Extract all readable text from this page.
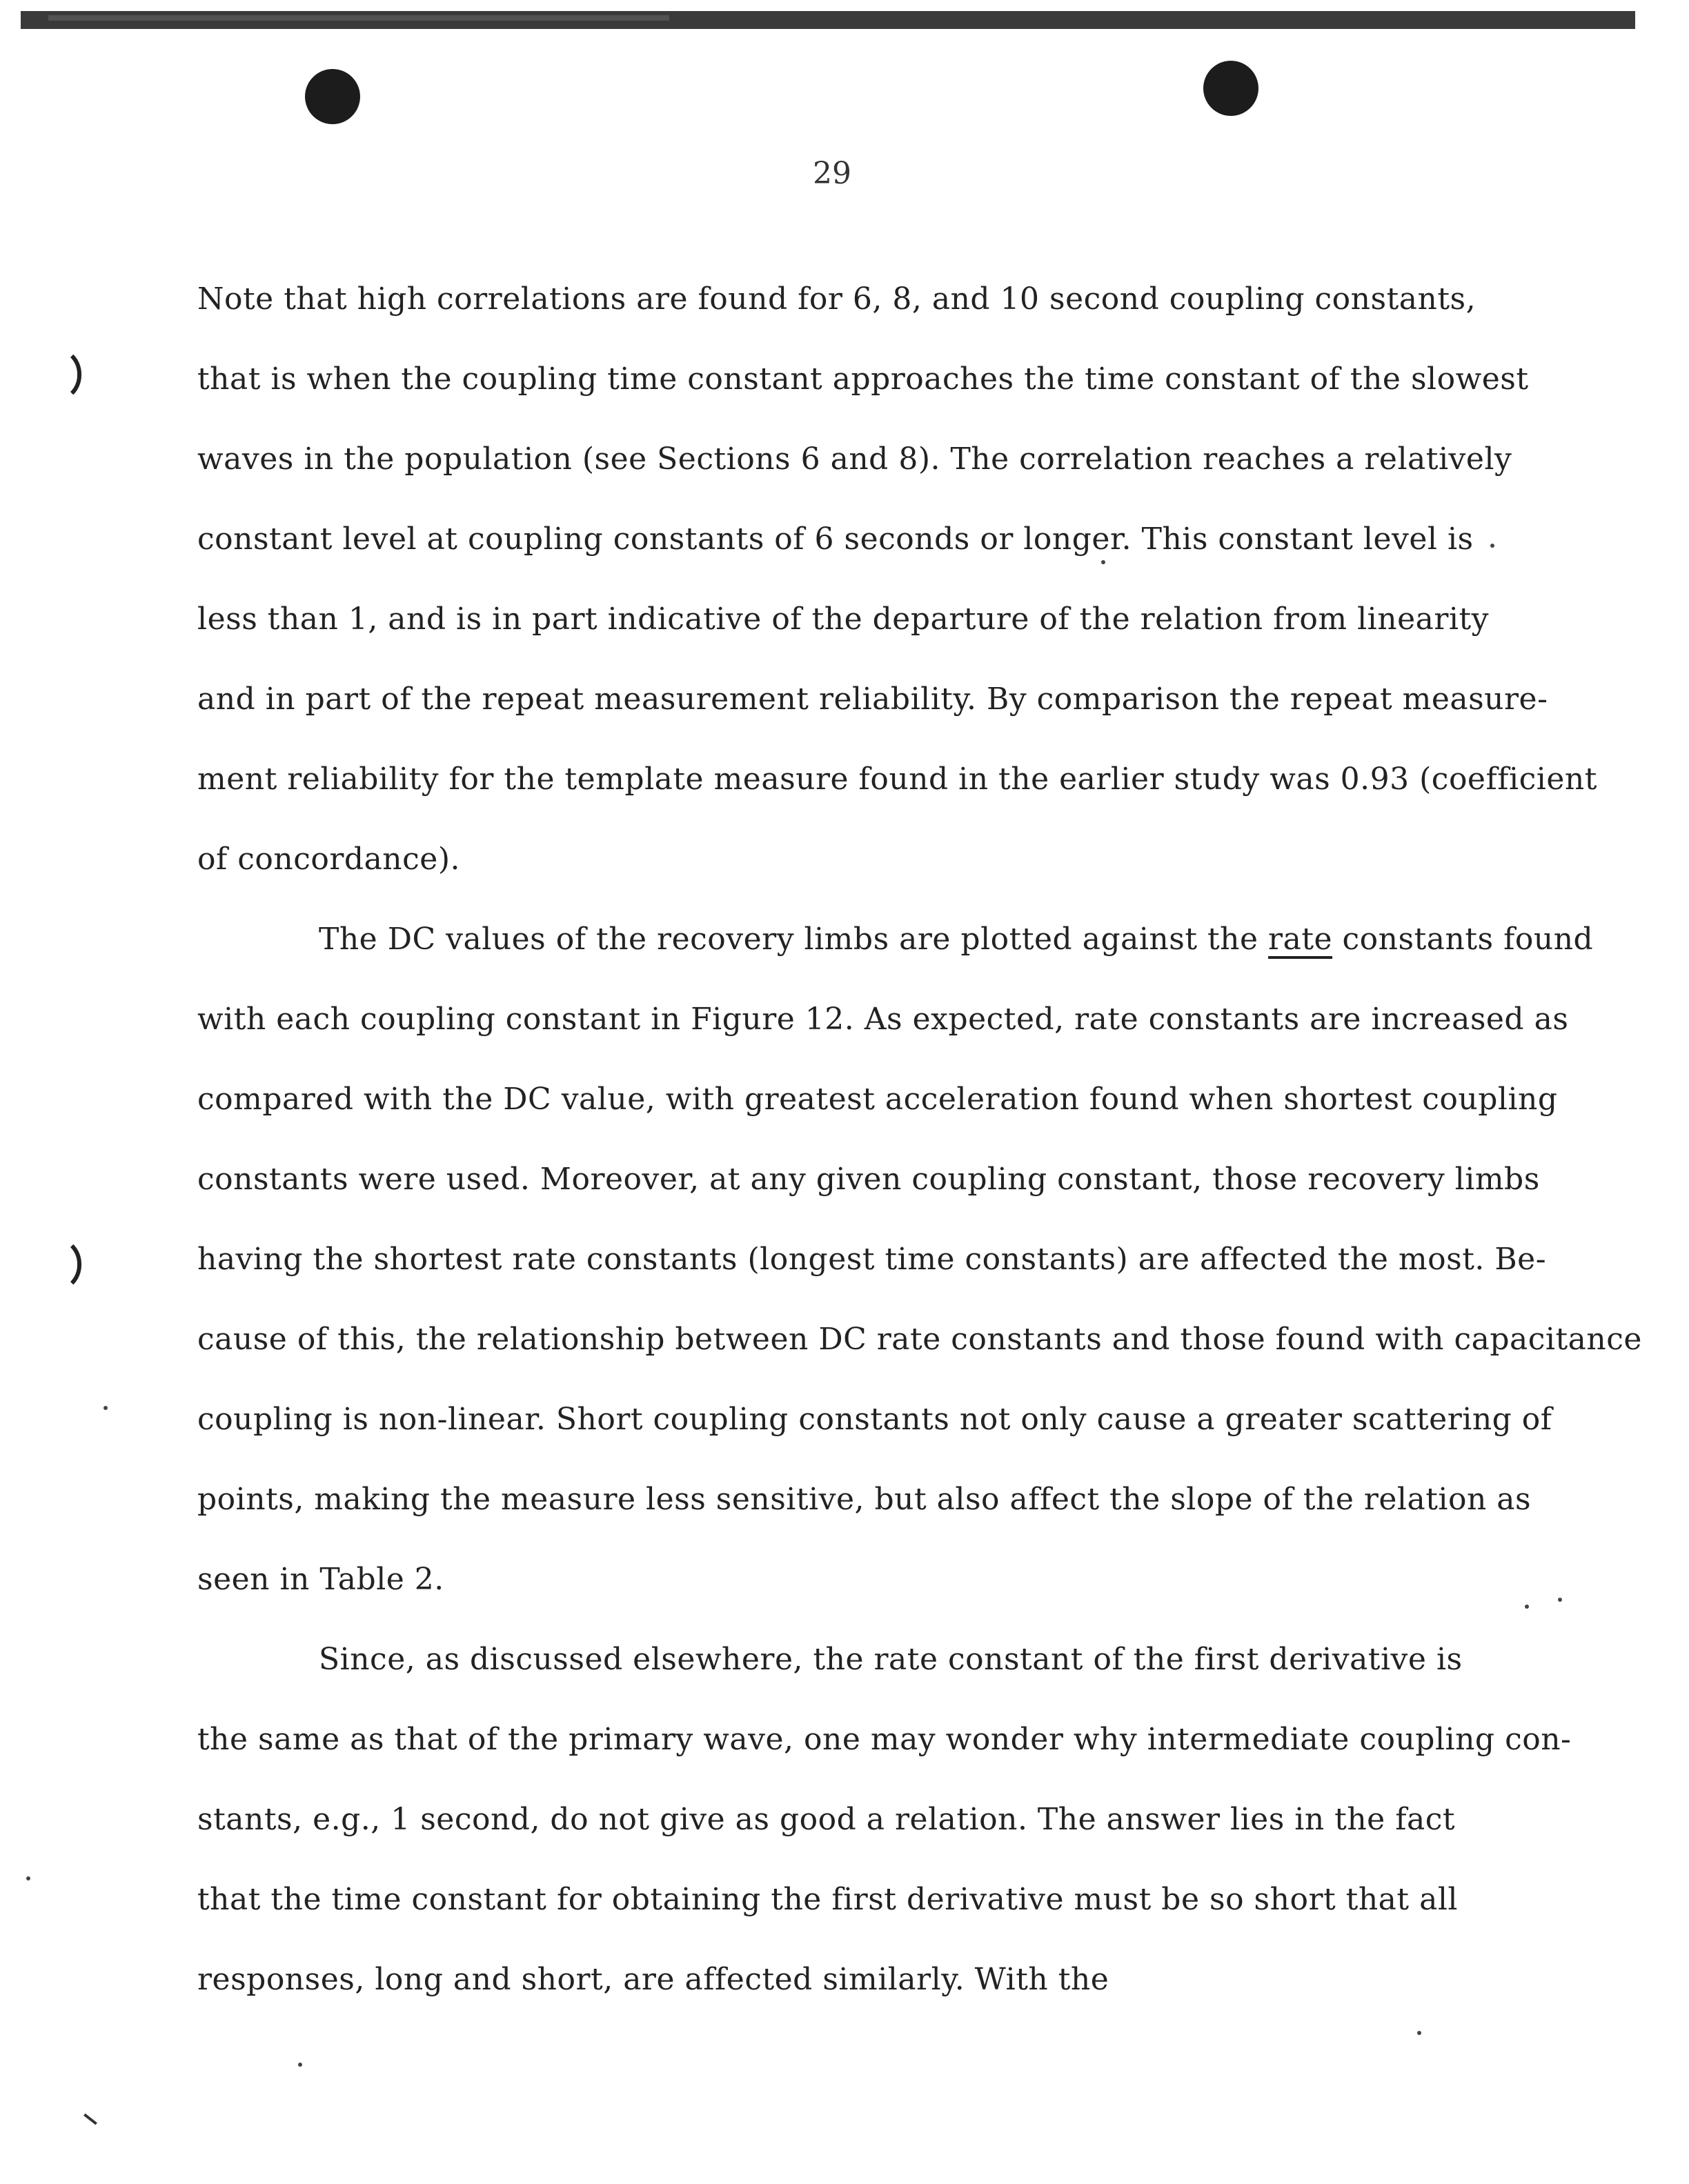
29
Note that high correlations are found for 6, 8, and 10 second coupling constants,
that is when the coupling time constant approaches the time constant of the slowest
waves in the population (see Sections 6 and 8). The correlation reaches a relatively
constant level at coupling constants of 6 seconds or longer. This constant level is
less than 1, and is in part indicative of the departure of the relation from linearity
and in part of the repeat measurement reliability. By comparison the repeat measure-
ment reliability for the template measure found in the earlier study was 0.93 (coefficient
of concordance).
The DC values of the recovery limbs are plotted against the rate constants found
with each coupling constant in Figure 12. As expected, rate constants are increased as
compared with the DC value, with greatest acceleration found when shortest coupling
constants were used. Moreover, at any given coupling constant, those recovery limbs
having the shortest rate constants (longest time constants) are affected the most. Be-
cause of this, the relationship between DC rate constants and those found with capacitance
coupling is non-linear. Short coupling constants not only cause a greater scattering of
points, making the measure less sensitive, but also affect the slope of the relation as
seen in Table 2.
Since, as discussed elsewhere, the rate constant of the first derivative is
the same as that of the primary wave, one may wonder why intermediate coupling con-
stants, e.g., 1 second, do not give as good a relation. The answer lies in the fact
that the time constant for obtaining the first derivative must be so short that all
responses, long and short, are affected similarly. With the
